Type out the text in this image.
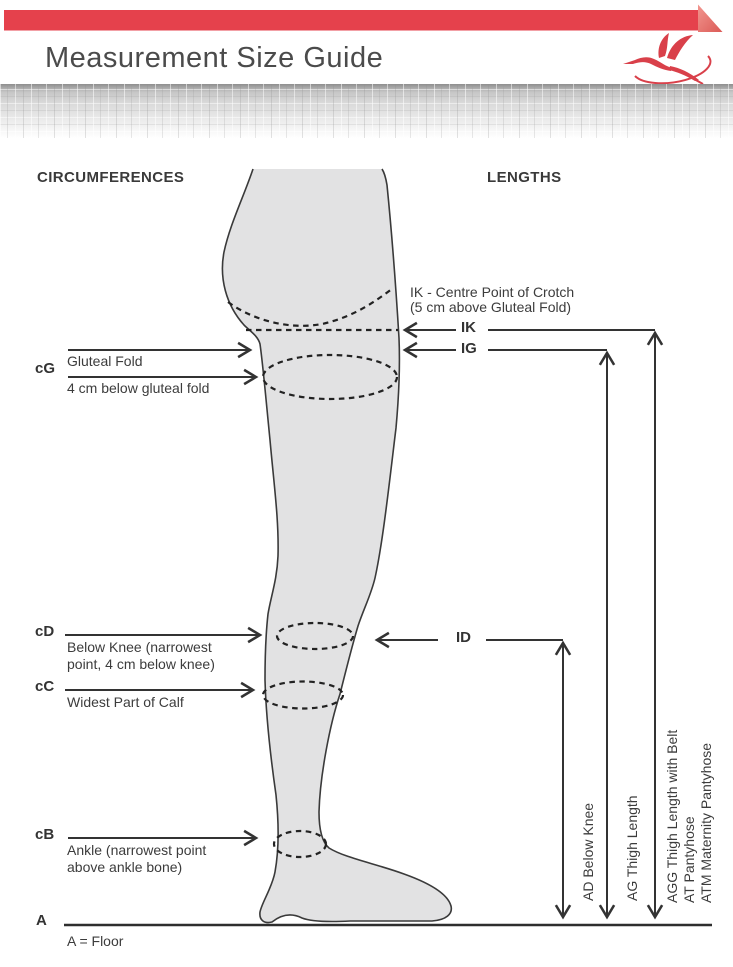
Measurement Size Guide
CIRCUMFERENCES	LENGTHS
cG Gluteal Fold
4 cm below gluteal fold
cD
Below Knee (narrowest
point, 4 cm below knee)
cC
Widest Part of Calf
cB
Ankle (narrowest point
above ankle bone)
A
A = Floor
IK - Centre Point of Crotch
(5 cm above Gluteal Fold)
IK
IG
ID
AD Below Knee AG Thigh Length AGG Thigh Length with Belt AT Pantyhose ATM Maternity Pantyhose
